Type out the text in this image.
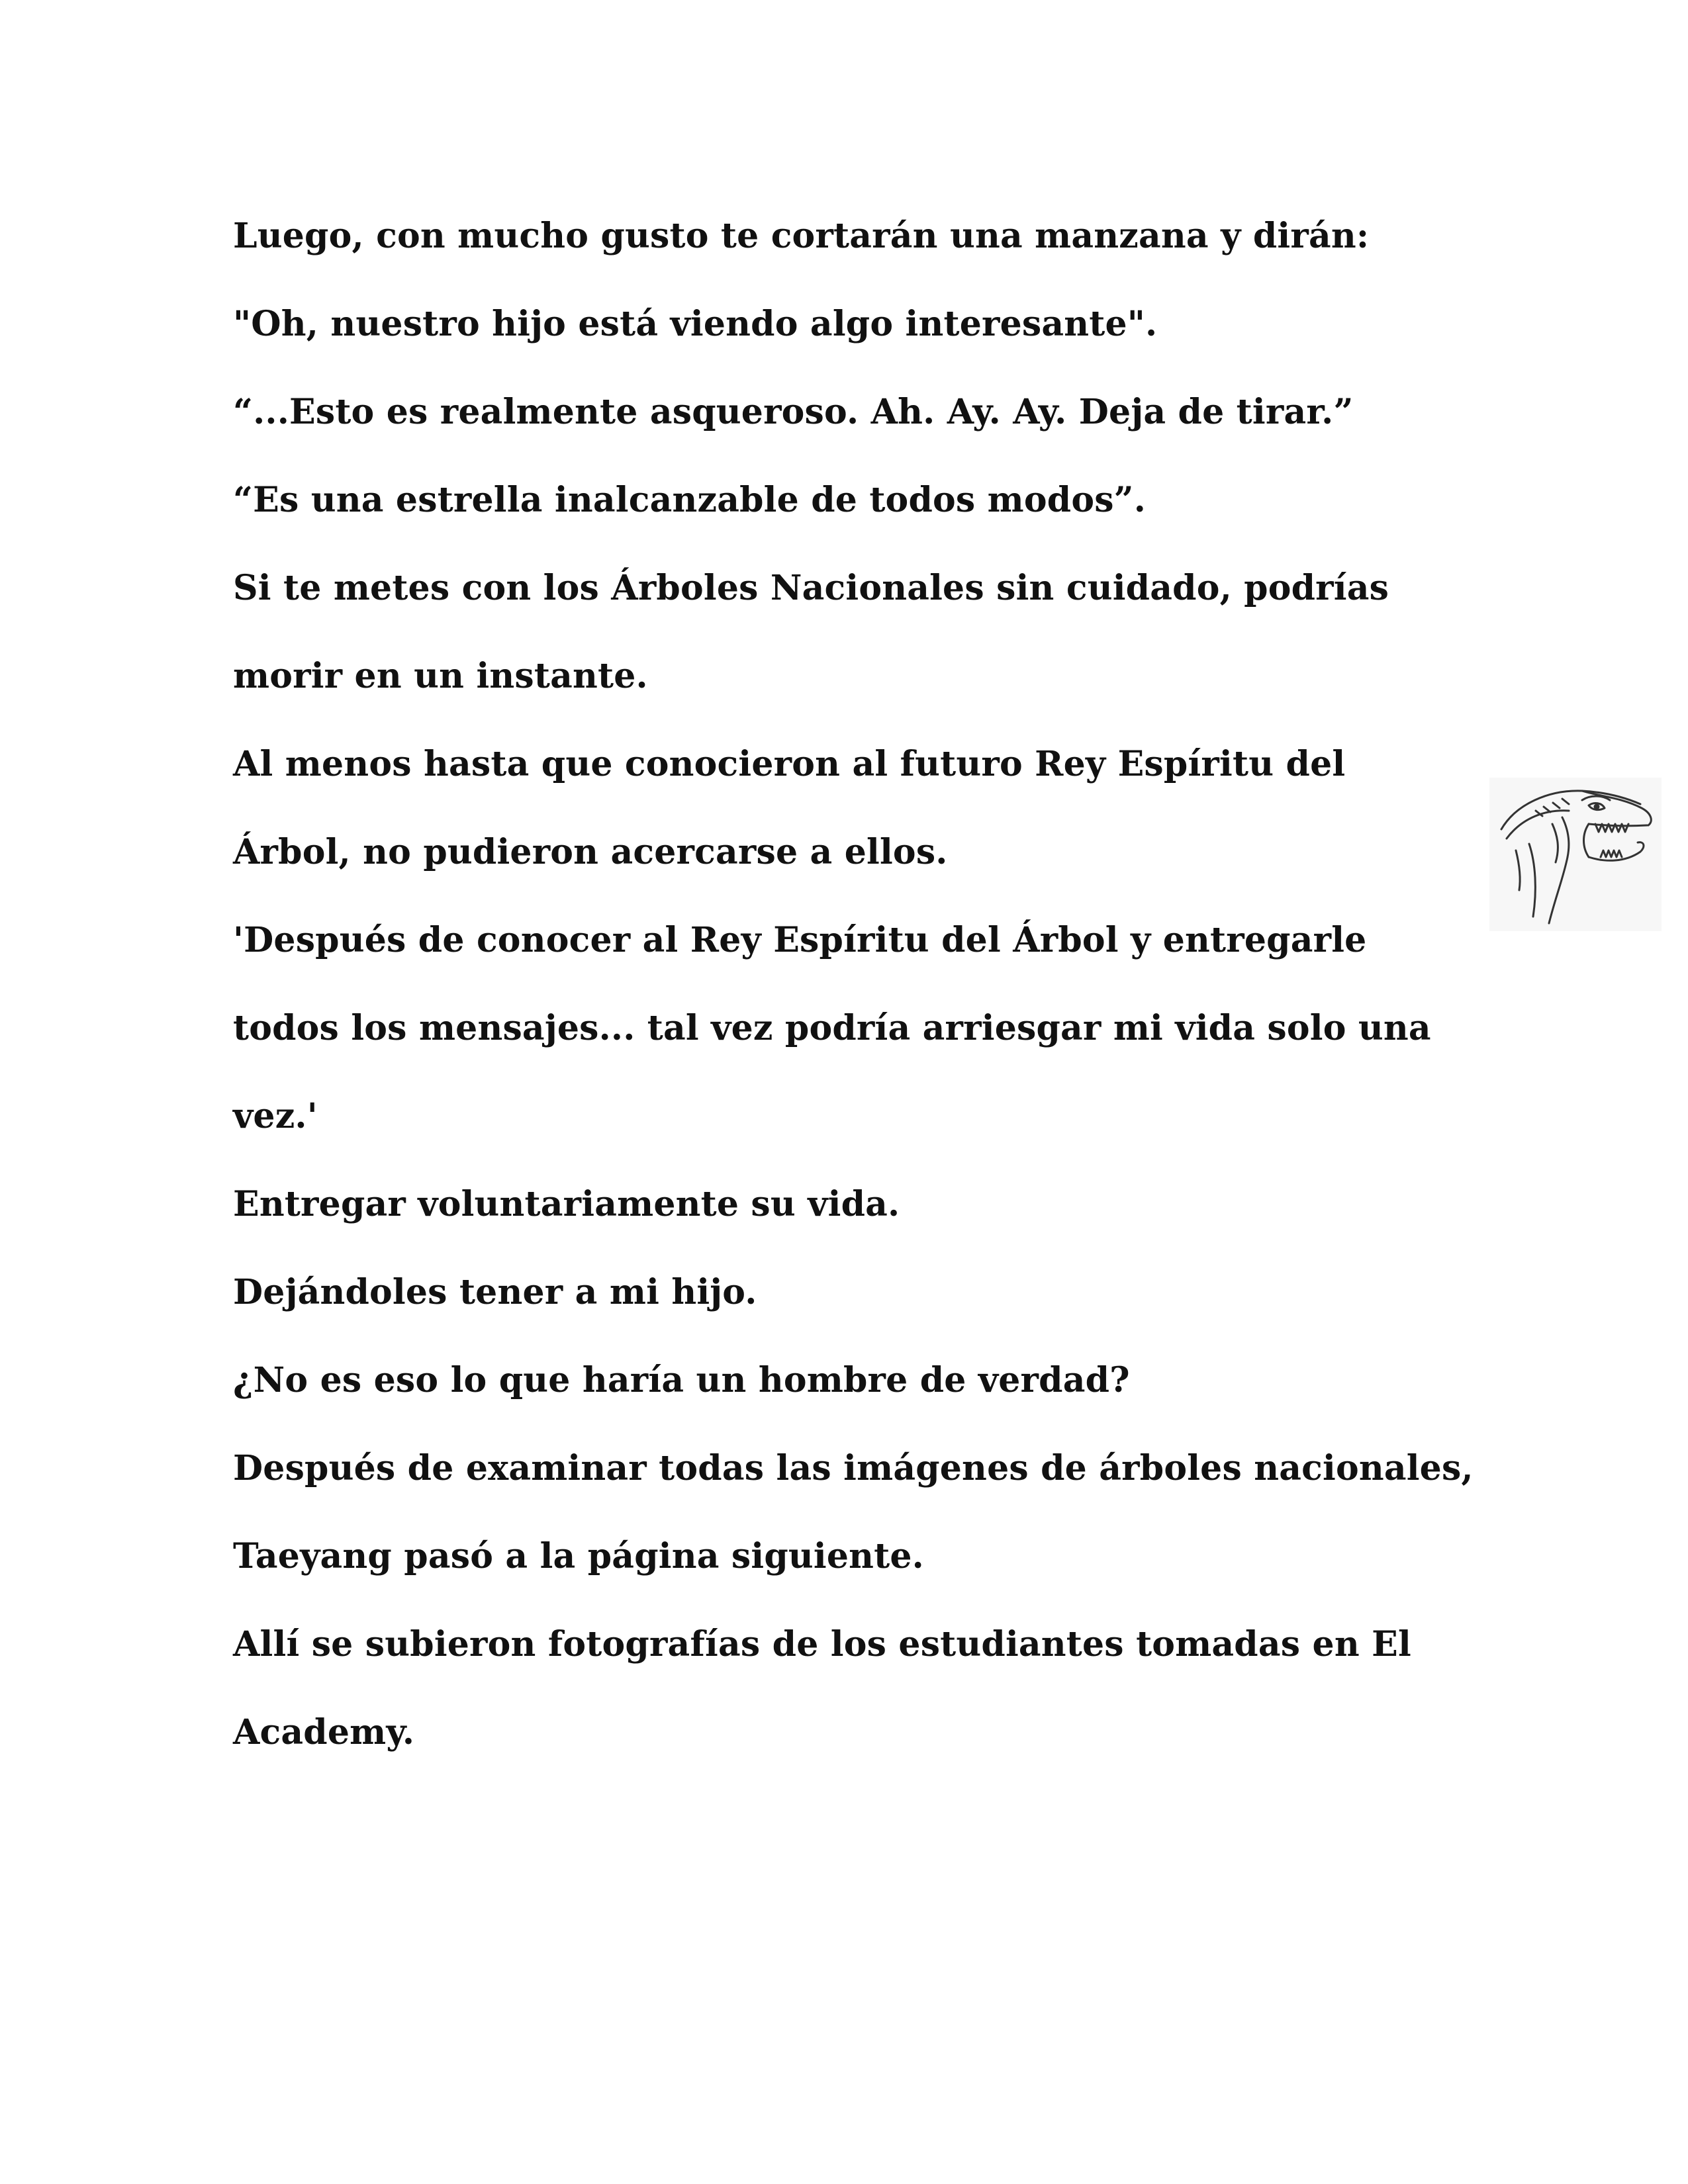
Luego, con mucho gusto te cortarán una manzana y dirán:
"Oh, nuestro hijo está viendo algo interesante".
“...Esto es realmente asqueroso. Ah. Ay. Ay. Deja de tirar.”
“Es una estrella inalcanzable de todos modos”.
Si te metes con los Árboles Nacionales sin cuidado, podrías
morir en un instante.
Al menos hasta que conocieron al futuro Rey Espíritu del
Árbol, no pudieron acercarse a ellos.
'Después de conocer al Rey Espíritu del Árbol y entregarle
todos los mensajes... tal vez podría arriesgar mi vida solo una
vez.'
Entregar voluntariamente su vida.
Dejándoles tener a mi hijo.
¿No es eso lo que haría un hombre de verdad?
Después de examinar todas las imágenes de árboles nacionales,
Taeyang pasó a la página siguiente.
Allí se subieron fotografías de los estudiantes tomadas en El
Academy.
